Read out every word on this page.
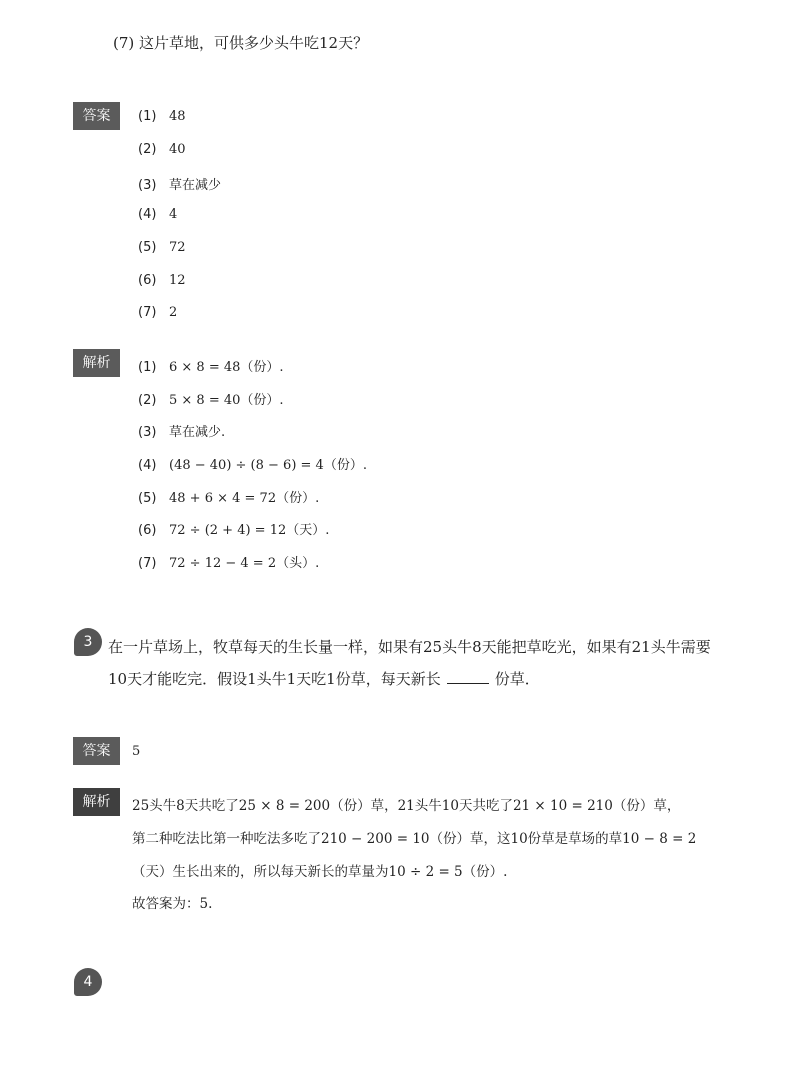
(7) 这片草地，可供多少头牛吃12天？
答案	(1) 48
(2) 40
(3) 草在减少
(4) 4
(5) 72
(6) 12
(7) 2
解析	(1) 6 × 8 = 48（份）.
(2) 5 × 8 = 40（份）.
(3) 草在减少.
(4) (48 − 40) ÷ (8 − 6) = 4（份）.
(5) 48 + 6 × 4 = 72（份）.
(6) 72 ÷ (2 + 4) = 12（天）.
(7) 72 ÷ 12 − 4 = 2（头）.
3	在一片草场上，牧草每天的生长量一样，如果有25头牛8天能把草吃光，如果有21头牛需要
10天才能吃完．假设1头牛1天吃1份草，每天新长	份草．
答案	5
解析	25头牛8天共吃了25 × 8 = 200（份）草，21头牛10天共吃了21 × 10 = 210（份）草，
第二种吃法比第一种吃法多吃了210 − 200 = 10（份）草，这10份草是草场的草10 − 8 = 2
（天）生长出来的，所以每天新长的草量为10 ÷ 2 = 5（份）.
故答案为：5.
4
